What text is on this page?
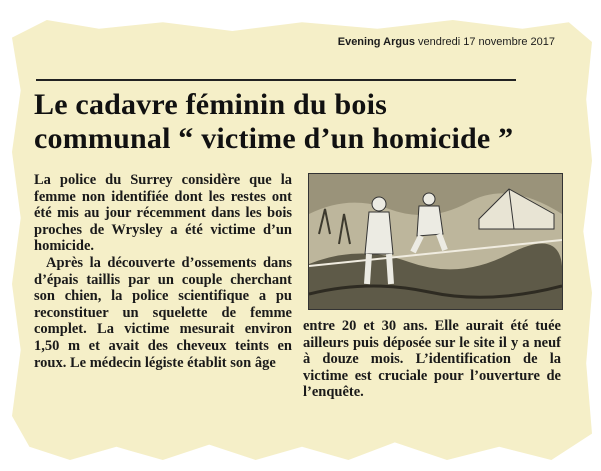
Evening Argus vendredi 17 novembre 2017
Le cadavre féminin du bois
communal “ victime d’un homicide ”

La police du Surrey considère que la femme non identifiée dont les restes ont été mis au jour récemment dans les bois proches de Wrysley a été victime d’un homicide.

Après la découverte d’ossements dans d’épais taillis par un couple cherchant son chien, la police scientifique a pu reconstituer un squelette de femme complet. La victime mesurait environ 1,50 m et avait des cheveux teints en roux. Le médecin légiste établit son âge

entre 20 et 30 ans. Elle aurait été tuée ailleurs puis déposée sur le site il y a neuf à douze mois. L’identification de la victime est cruciale pour l’ouverture de l’enquête.
